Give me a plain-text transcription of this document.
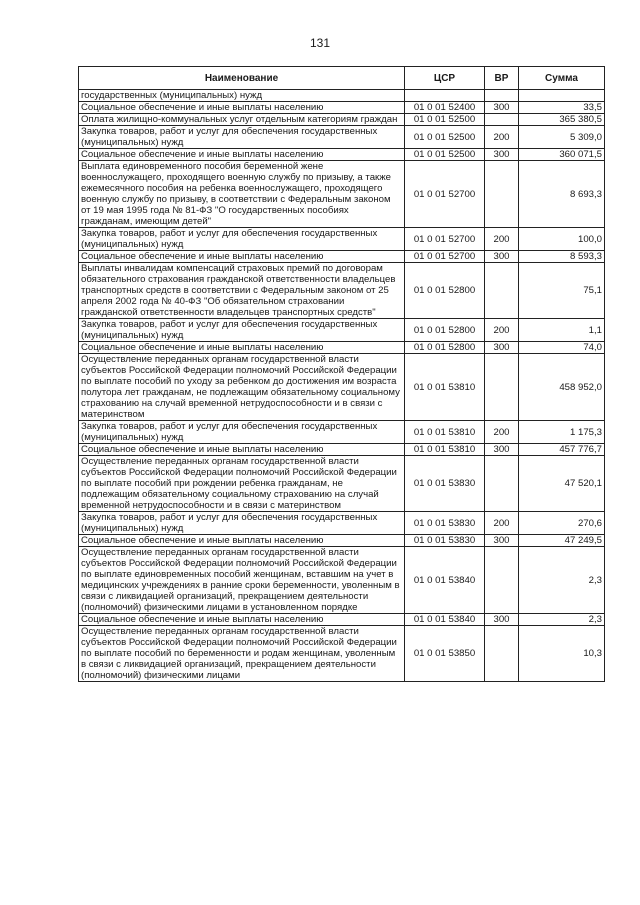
131
Наименование	ЦСР	ВР	Сумма
государственных (муниципальных) нужд			
Социальное обеспечение и иные выплаты населению	01 0 01 52400	300	33,5
Оплата жилищно-коммунальных услуг отдельным категориям граждан	01 0 01 52500		365 380,5
Закупка товаров, работ и услуг для обеспечения государственных (муниципальных) нужд	01 0 01 52500	200	5 309,0
Социальное обеспечение и иные выплаты населению	01 0 01 52500	300	360 071,5
Выплата единовременного пособия беременной жене военнослужащего, проходящего военную службу по призыву, а также ежемесячного пособия на ребенка военнослужащего, проходящего военную службу по призыву, в соответствии с Федеральным законом от 19 мая 1995 года № 81-ФЗ "О государственных пособиях гражданам, имеющим детей"	01 0 01 52700		8 693,3
Закупка товаров, работ и услуг для обеспечения государственных (муниципальных) нужд	01 0 01 52700	200	100,0
Социальное обеспечение и иные выплаты населению	01 0 01 52700	300	8 593,3
Выплаты инвалидам компенсаций страховых премий по договорам обязательного страхования гражданской ответственности владельцев транспортных средств в соответствии с Федеральным законом от 25 апреля 2002 года № 40-ФЗ "Об обязательном страховании гражданской ответственности владельцев транспортных средств"	01 0 01 52800		75,1
Закупка товаров, работ и услуг для обеспечения государственных (муниципальных) нужд	01 0 01 52800	200	1,1
Социальное обеспечение и иные выплаты населению	01 0 01 52800	300	74,0
Осуществление переданных органам государственной власти субъектов Российской Федерации полномочий Российской Федерации по выплате пособий по уходу за ребенком до достижения им возраста полутора лет гражданам, не подлежащим обязательному социальному страхованию на случай временной нетрудоспособности и в связи с материнством	01 0 01 53810		458 952,0
Закупка товаров, работ и услуг для обеспечения государственных (муниципальных) нужд	01 0 01 53810	200	1 175,3
Социальное обеспечение и иные выплаты населению	01 0 01 53810	300	457 776,7
Осуществление переданных органам государственной власти субъектов Российской Федерации полномочий Российской Федерации по выплате пособий при рождении ребенка гражданам, не подлежащим обязательному социальному страхованию на случай временной нетрудоспособности и в связи с материнством	01 0 01 53830		47 520,1
Закупка товаров, работ и услуг для обеспечения государственных (муниципальных) нужд	01 0 01 53830	200	270,6
Социальное обеспечение и иные выплаты населению	01 0 01 53830	300	47 249,5
Осуществление переданных органам государственной власти субъектов Российской Федерации полномочий Российской Федерации по выплате единовременных пособий женщинам, вставшим на учет в медицинских учреждениях в ранние сроки беременности, уволенным в связи с ликвидацией организаций, прекращением деятельности (полномочий) физическими лицами в установленном порядке	01 0 01 53840		2,3
Социальное обеспечение и иные выплаты населению	01 0 01 53840	300	2,3
Осуществление переданных органам государственной власти субъектов Российской Федерации полномочий Российской Федерации по выплате пособий по беременности и родам женщинам, уволенным в связи с ликвидацией организаций, прекращением деятельности (полномочий) физическими лицами	01 0 01 53850		10,3
